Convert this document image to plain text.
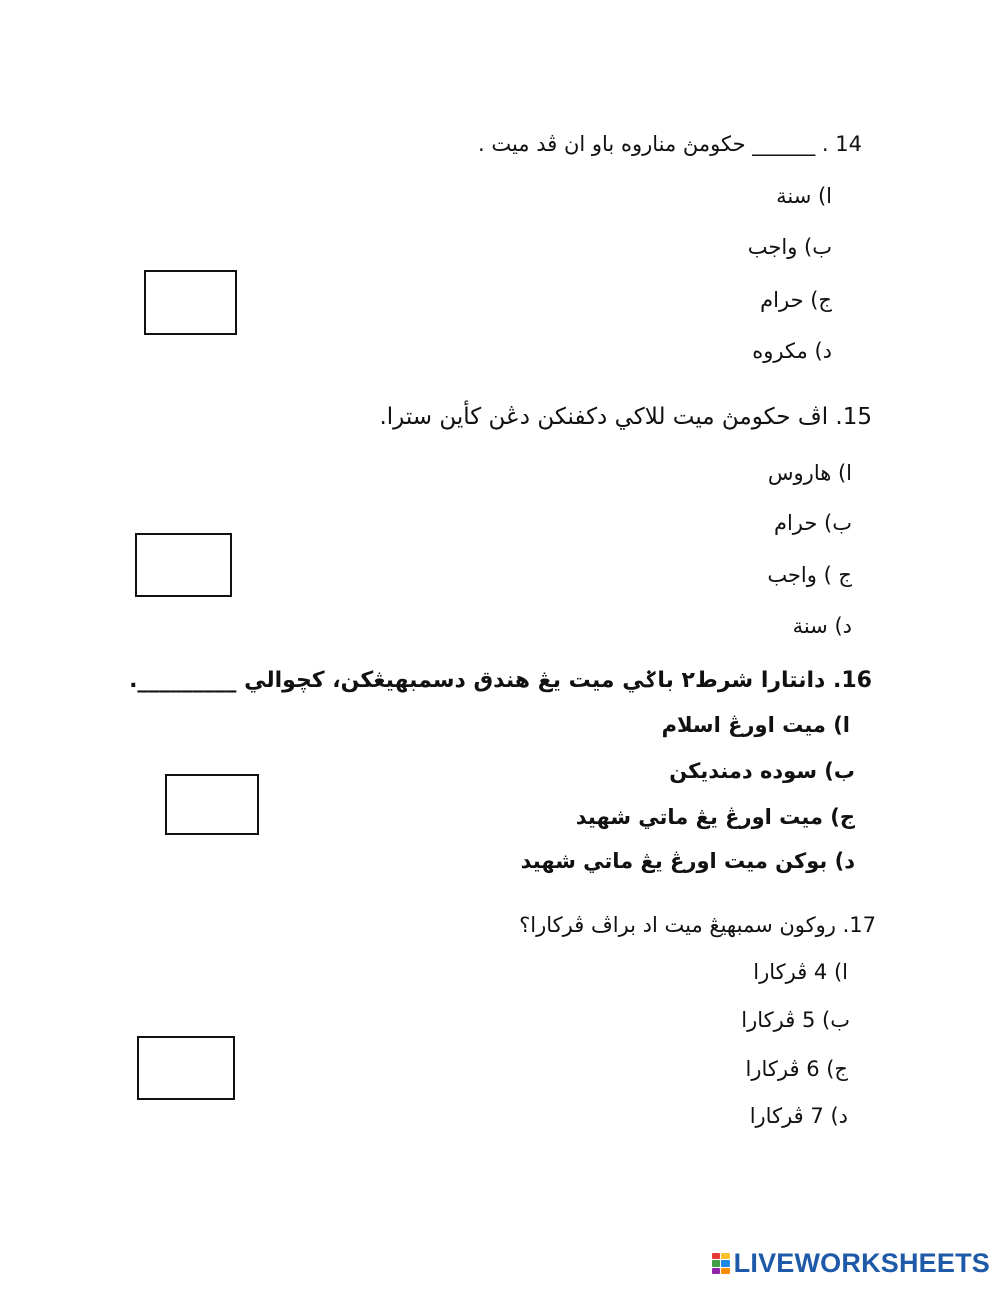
14 . ______ حكومڽ مناروه باو ان ڤد ميت .
ا) سنة
ب) واجب
ج) حرام
د) مكروه
15. اڤ حكومڽ ميت للاكي دكفنكن دڠن كأين سترا.
ا) هاروس
ب) حرام
ج ) واجب
د) سنة
16. دانتارا شرط٢ باݢي ميت يڠ هندق دسمبهيڠكن، كچوالي _________.
ا) ميت اورڠ اسلام
ب) سوده دمنديكن
ج) ميت اورڠ يڠ ماتي شهيد
د) بوكن ميت اورڠ يڠ ماتي شهيد
17. روكون سمبهيڠ ميت اد براڤ ڤركارا؟
ا) 4 ڤركارا
ب) 5 ڤركارا
ج) 6 ڤركارا
د) 7 ڤركارا
LIVEWORKSHEETS
